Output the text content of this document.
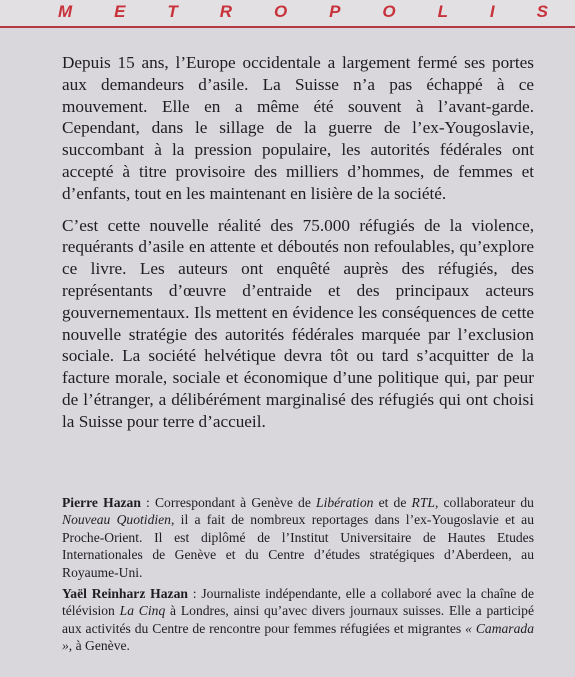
M E T R O P O L I S

Depuis 15 ans, l’Europe occidentale a largement fermé ses portes aux demandeurs d’asile. La Suisse n’a pas échappé à ce mouvement. Elle en a même été souvent à l’avant-garde. Cependant, dans le sillage de la guerre de l’ex-Yougoslavie, succombant à la pression populaire, les autorités fédérales ont accepté à titre provisoire des milliers d’hommes, de femmes et d’enfants, tout en les maintenant en lisière de la société.

C’est cette nouvelle réalité des 75.000 réfugiés de la violence, requérants d’asile en attente et déboutés non refoulables, qu’explore ce livre. Les auteurs ont enquêté auprès des réfugiés, des représentants d’œuvre d’entraide et des principaux acteurs gouvernementaux. Ils mettent en évidence les conséquences de cette nouvelle stratégie des autorités fédérales marquée par l’exclusion sociale. La société helvétique devra tôt ou tard s’acquitter de la facture morale, sociale et économique d’une politique qui, par peur de l’étranger, a délibérément marginalisé des réfugiés qui ont choisi la Suisse pour terre d’accueil.

Pierre Hazan : Correspondant à Genève de Libération et de RTL, collaborateur du Nouveau Quotidien, il a fait de nombreux reportages dans l’ex-Yougoslavie et au Proche-Orient. Il est diplômé de l’Institut Universitaire de Hautes Etudes Internationales de Genève et du Centre d’études stratégiques d’Aberdeen, au Royaume-Uni.

Yaël Reinharz Hazan : Journaliste indépendante, elle a collaboré avec la chaîne de télévision La Cinq à Londres, ainsi qu’avec divers journaux suisses. Elle a participé aux activités du Centre de rencontre pour femmes réfugiées et migrantes « Camarada », à Genève.
